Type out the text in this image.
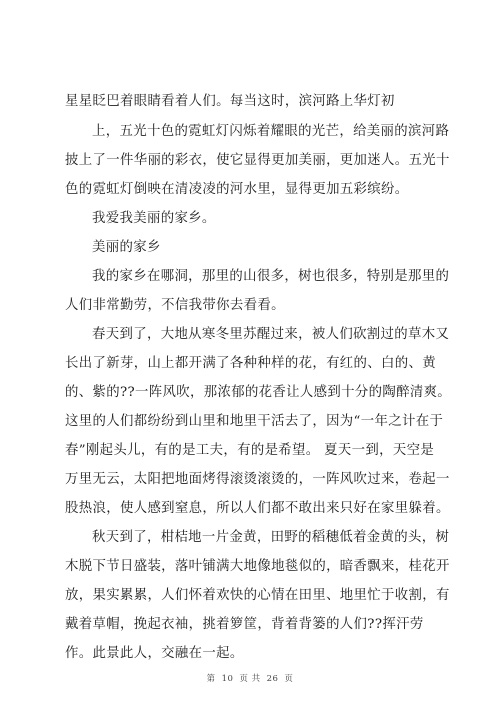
星星眨巴着眼睛看着人们。每当这时，滨河路上华灯初
上，五光十色的霓虹灯闪烁着耀眼的光芒，给美丽的滨河路
披上了一件华丽的彩衣，使它显得更加美丽，更加迷人。五光十
色的霓虹灯倒映在清凌凌的河水里，显得更加五彩缤纷。
我爱我美丽的家乡。
美丽的家乡
我的家乡在哪洞，那里的山很多，树也很多，特别是那里的
人们非常勤劳，不信我带你去看看。
春天到了，大地从寒冬里苏醒过来，被人们砍割过的草木又
长出了新芽，山上都开满了各种种样的花，有红的、白的、黄
的、紫的??一阵风吹，那浓郁的花香让人感到十分的陶醉清爽。
这里的人们都纷纷到山里和地里干活去了，因为“一年之计在于
春”刚起头儿，有的是工夫，有的是希望。 夏天一到，天空是
万里无云，太阳把地面烤得滚烫滚烫的，一阵风吹过来，卷起一
股热浪，使人感到窒息，所以人们都不敢出来只好在家里躲着。
秋天到了，柑桔地一片金黄，田野的稻穗低着金黄的头，树
木脱下节日盛装，落叶铺满大地像地毯似的，暗香飘来，桂花开
放，果实累累，人们怀着欢快的心情在田里、地里忙于收割，有
戴着草帽，挽起衣袖，挑着箩筐，背着背篓的人们??挥汗劳
作。此景此人，交融在一起。
第 10 页 共 26 页
